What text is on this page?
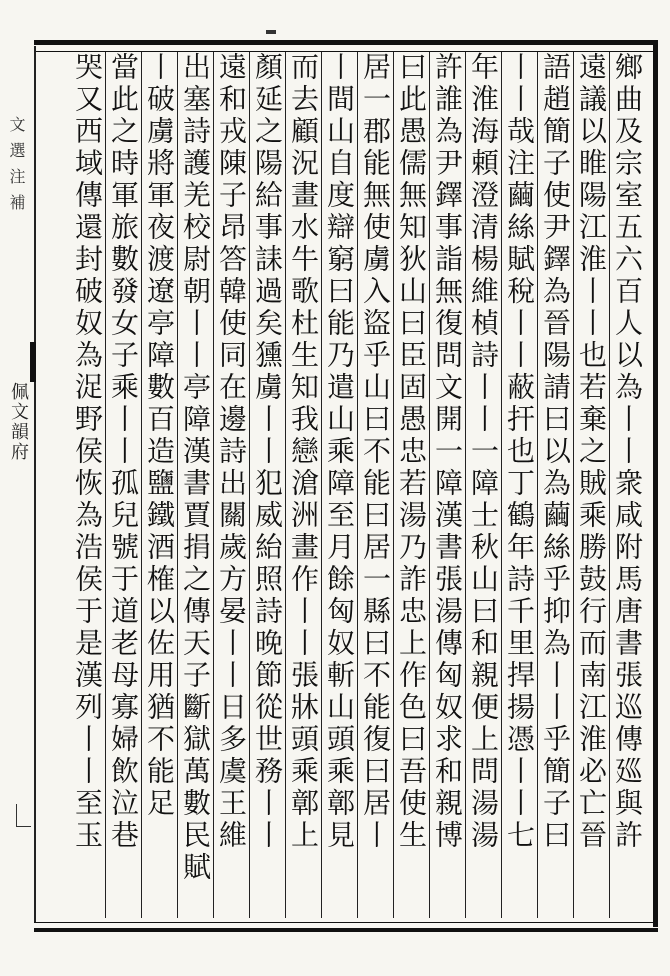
文選注補
佩文韻府	鄉曲及宗室五六百人以為丨丨衆咸附馬唐書張巡傳廵與許
遠議以睢陽江淮丨丨也若棄之賊乘勝鼓行而南江淮必亡晉
語趙簡子使尹鐸為晉陽請曰以為繭絲乎抑為丨丨乎簡子曰
丨丨哉注繭絲賦稅丨丨蔽扞也丁鶴年詩千里捍揚憑丨丨七
年淮海頼澄清楊維楨詩丨丨一障士秋山曰和親便上問湯湯
許誰為尹鐸事詣無復問文開一障漢書張湯傳匈奴求和親博
曰此愚儒無知狄山曰臣固愚忠若湯乃詐忠上作色曰吾使生
居一郡能無使虜入盜乎山曰不能曰居一縣曰不能復曰居丨
丨間山自度辯窮曰能乃遣山乘障至月餘匈奴斬山頭乘鄣見
而去顧況畫水牛歌杜生知我戀滄洲畫作丨丨張牀頭乘鄣上
顏延之陽給事誄過矣獯虜丨丨犯威紿照詩晚節從世務丨丨
遠和戎陳子昂答韓使同在邊詩出關歲方晏丨丨日多虞王維
出塞詩護羌校尉朝丨丨亭障漢書賈捐之傳天子斷獄萬數民賦
丨破虜將軍夜渡遼亭障數百造鹽鐵酒榷以佐用猶不能足
當此之時軍旅數發女子乘丨丨孤兒號于道老母寡婦飲泣巷
哭又西域傳還封破奴為浞野侯恢為浩侯于是漢列丨丨至玉
